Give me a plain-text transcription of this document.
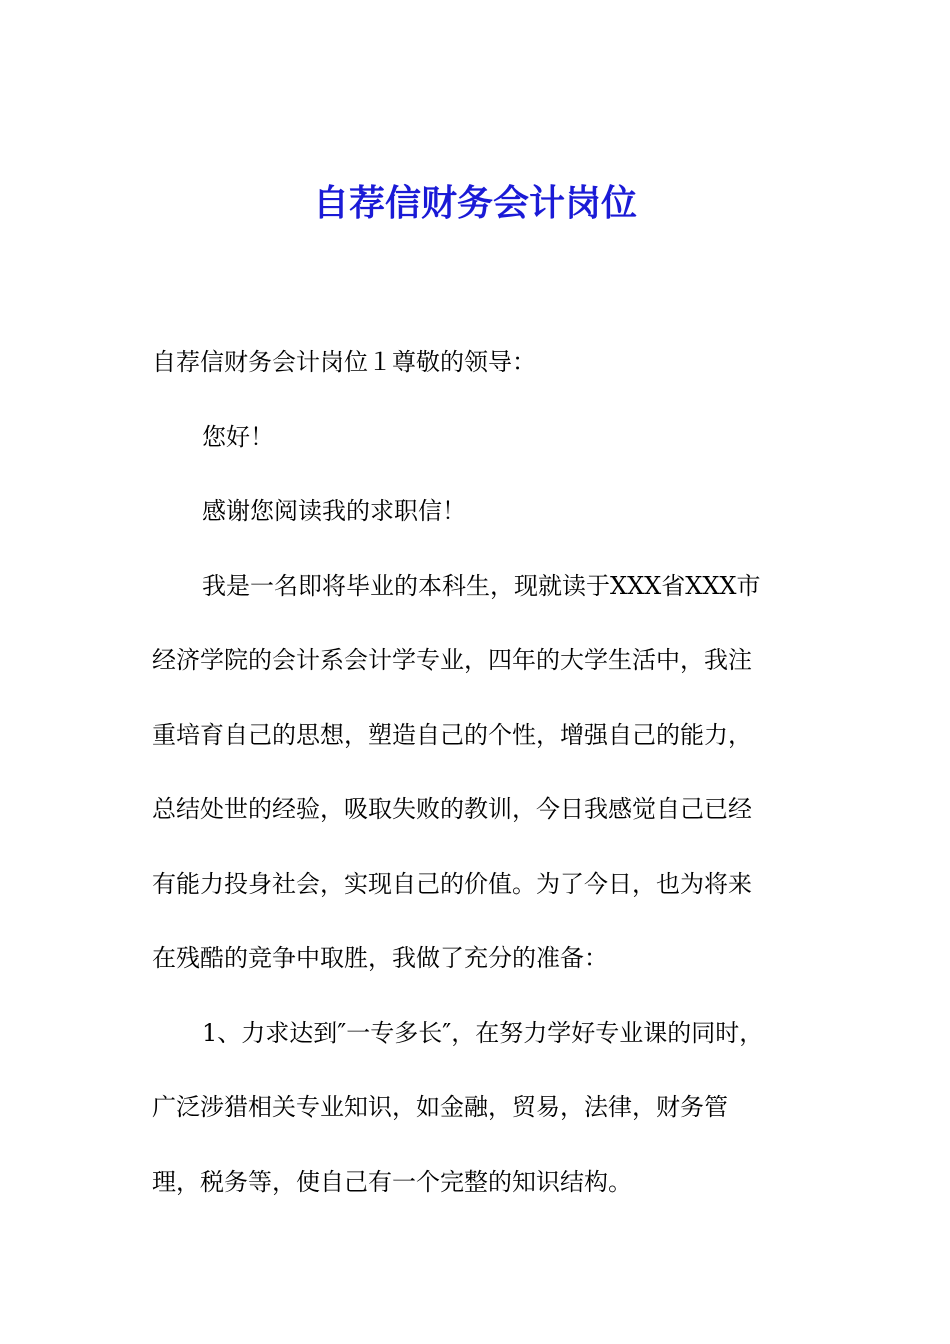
自荐信财务会计岗位
自荐信财务会计岗位１尊敬的领导：
您好！
感谢您阅读我的求职信！
我是一名即将毕业的本科生，现就读于XXX省XXX市
经济学院的会计系会计学专业，四年的大学生活中，我注
重培育自己的思想，塑造自己的个性，增强自己的能力，
总结处世的经验，吸取失败的教训，今日我感觉自己已经
有能力投身社会，实现自己的价值。为了今日，也为将来
在残酷的竞争中取胜，我做了充分的准备：
1、力求达到″一专多长″，在努力学好专业课的同时，
广泛涉猎相关专业知识，如金融，贸易，法律，财务管
理，税务等，使自己有一个完整的知识结构。
